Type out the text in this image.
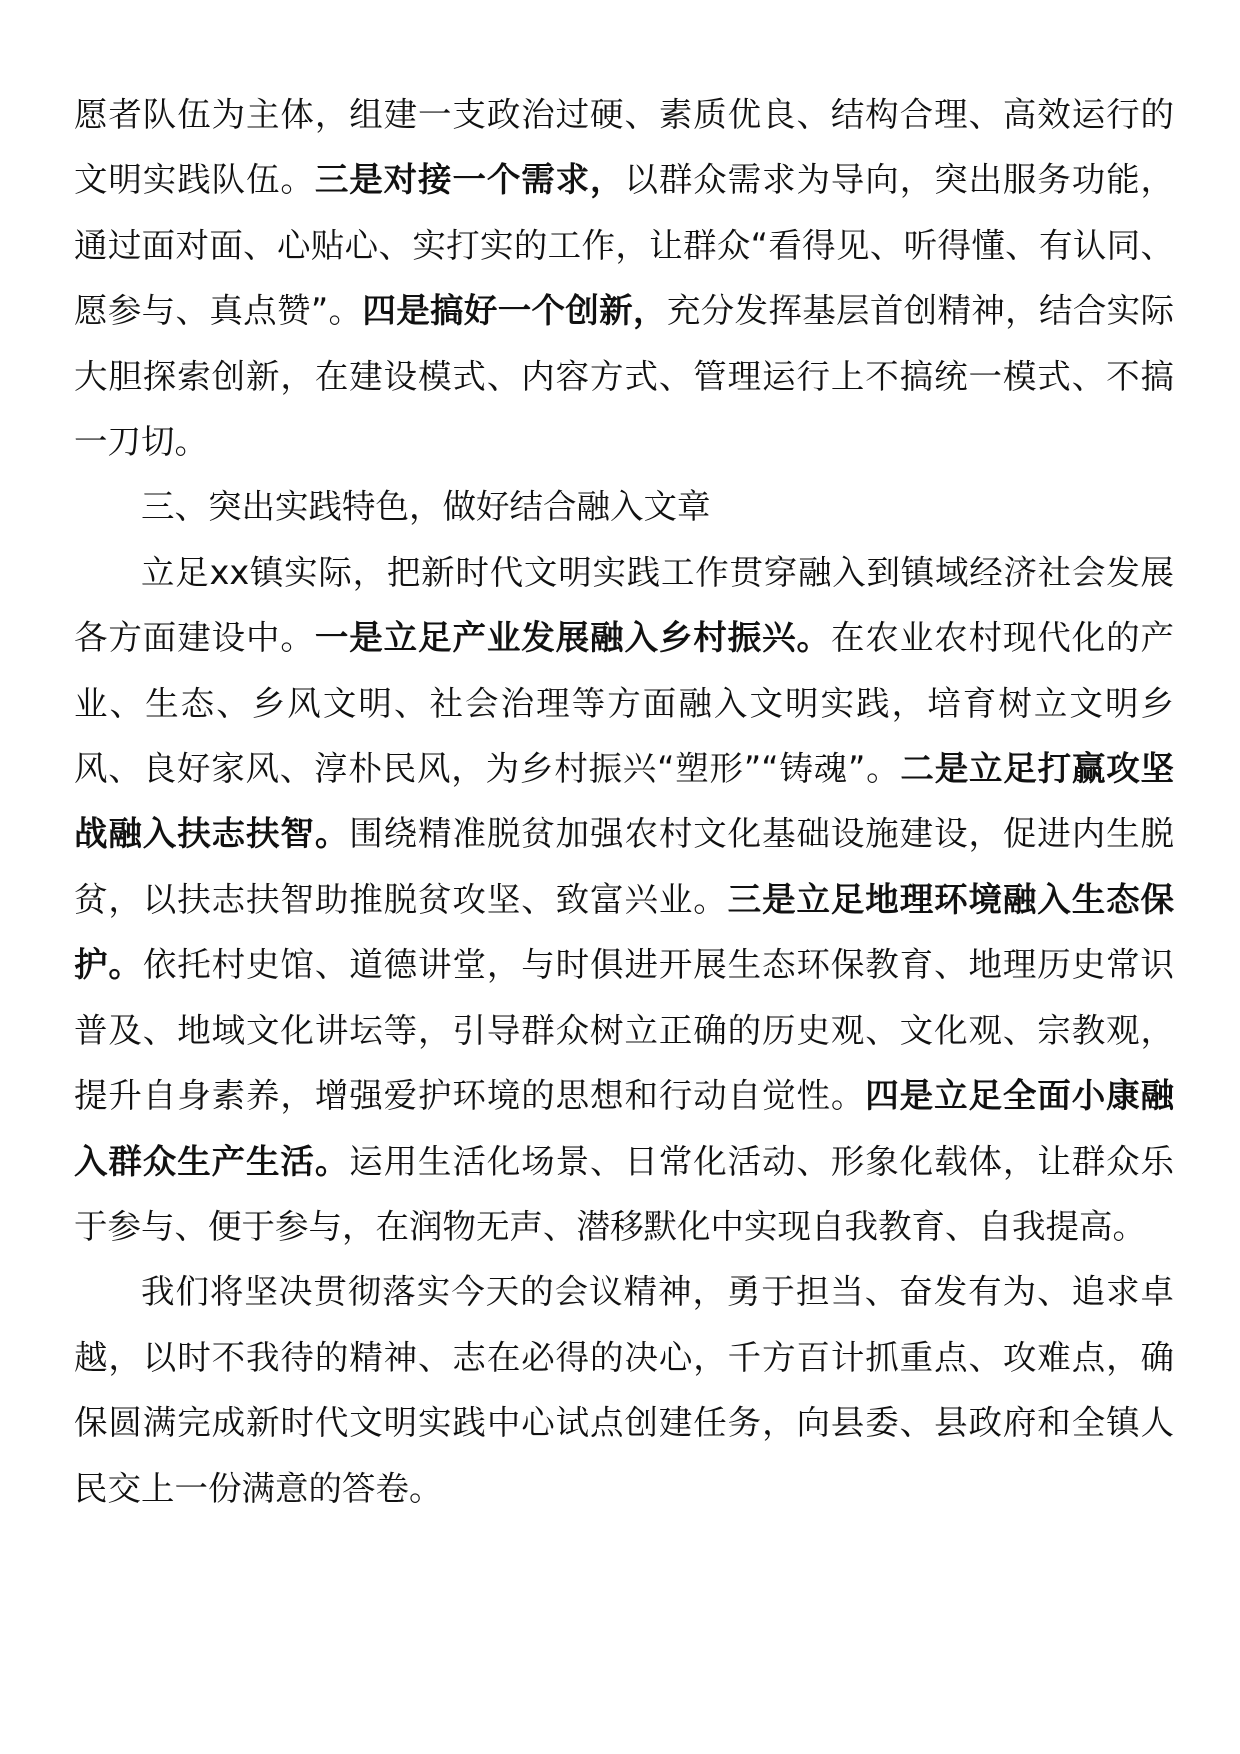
愿者队伍为主体，组建一支政治过硬、素质优良、结构合理、高效运行的文明实践队伍。三是对接一个需求，以群众需求为导向，突出服务功能，通过面对面、心贴心、实打实的工作，让群众“看得见、听得懂、有认同、愿参与、真点赞”。四是搞好一个创新，充分发挥基层首创精神，结合实际大胆探索创新，在建设模式、内容方式、管理运行上不搞统一模式、不搞一刀切。

三、突出实践特色，做好结合融入文章

立足xx镇实际，把新时代文明实践工作贯穿融入到镇域经济社会发展各方面建设中。一是立足产业发展融入乡村振兴。在农业农村现代化的产业、生态、乡风文明、社会治理等方面融入文明实践，培育树立文明乡风、良好家风、淳朴民风，为乡村振兴“塑形”“铸魂”。二是立足打赢攻坚战融入扶志扶智。围绕精准脱贫加强农村文化基础设施建设，促进内生脱贫，以扶志扶智助推脱贫攻坚、致富兴业。三是立足地理环境融入生态保护。依托村史馆、道德讲堂，与时俱进开展生态环保教育、地理历史常识普及、地域文化讲坛等，引导群众树立正确的历史观、文化观、宗教观，提升自身素养，增强爱护环境的思想和行动自觉性。四是立足全面小康融入群众生产生活。运用生活化场景、日常化活动、形象化载体，让群众乐于参与、便于参与，在润物无声、潜移默化中实现自我教育、自我提高。

我们将坚决贯彻落实今天的会议精神，勇于担当、奋发有为、追求卓越，以时不我待的精神、志在必得的决心，千方百计抓重点、攻难点，确保圆满完成新时代文明实践中心试点创建任务，向县委、县政府和全镇人民交上一份满意的答卷。
